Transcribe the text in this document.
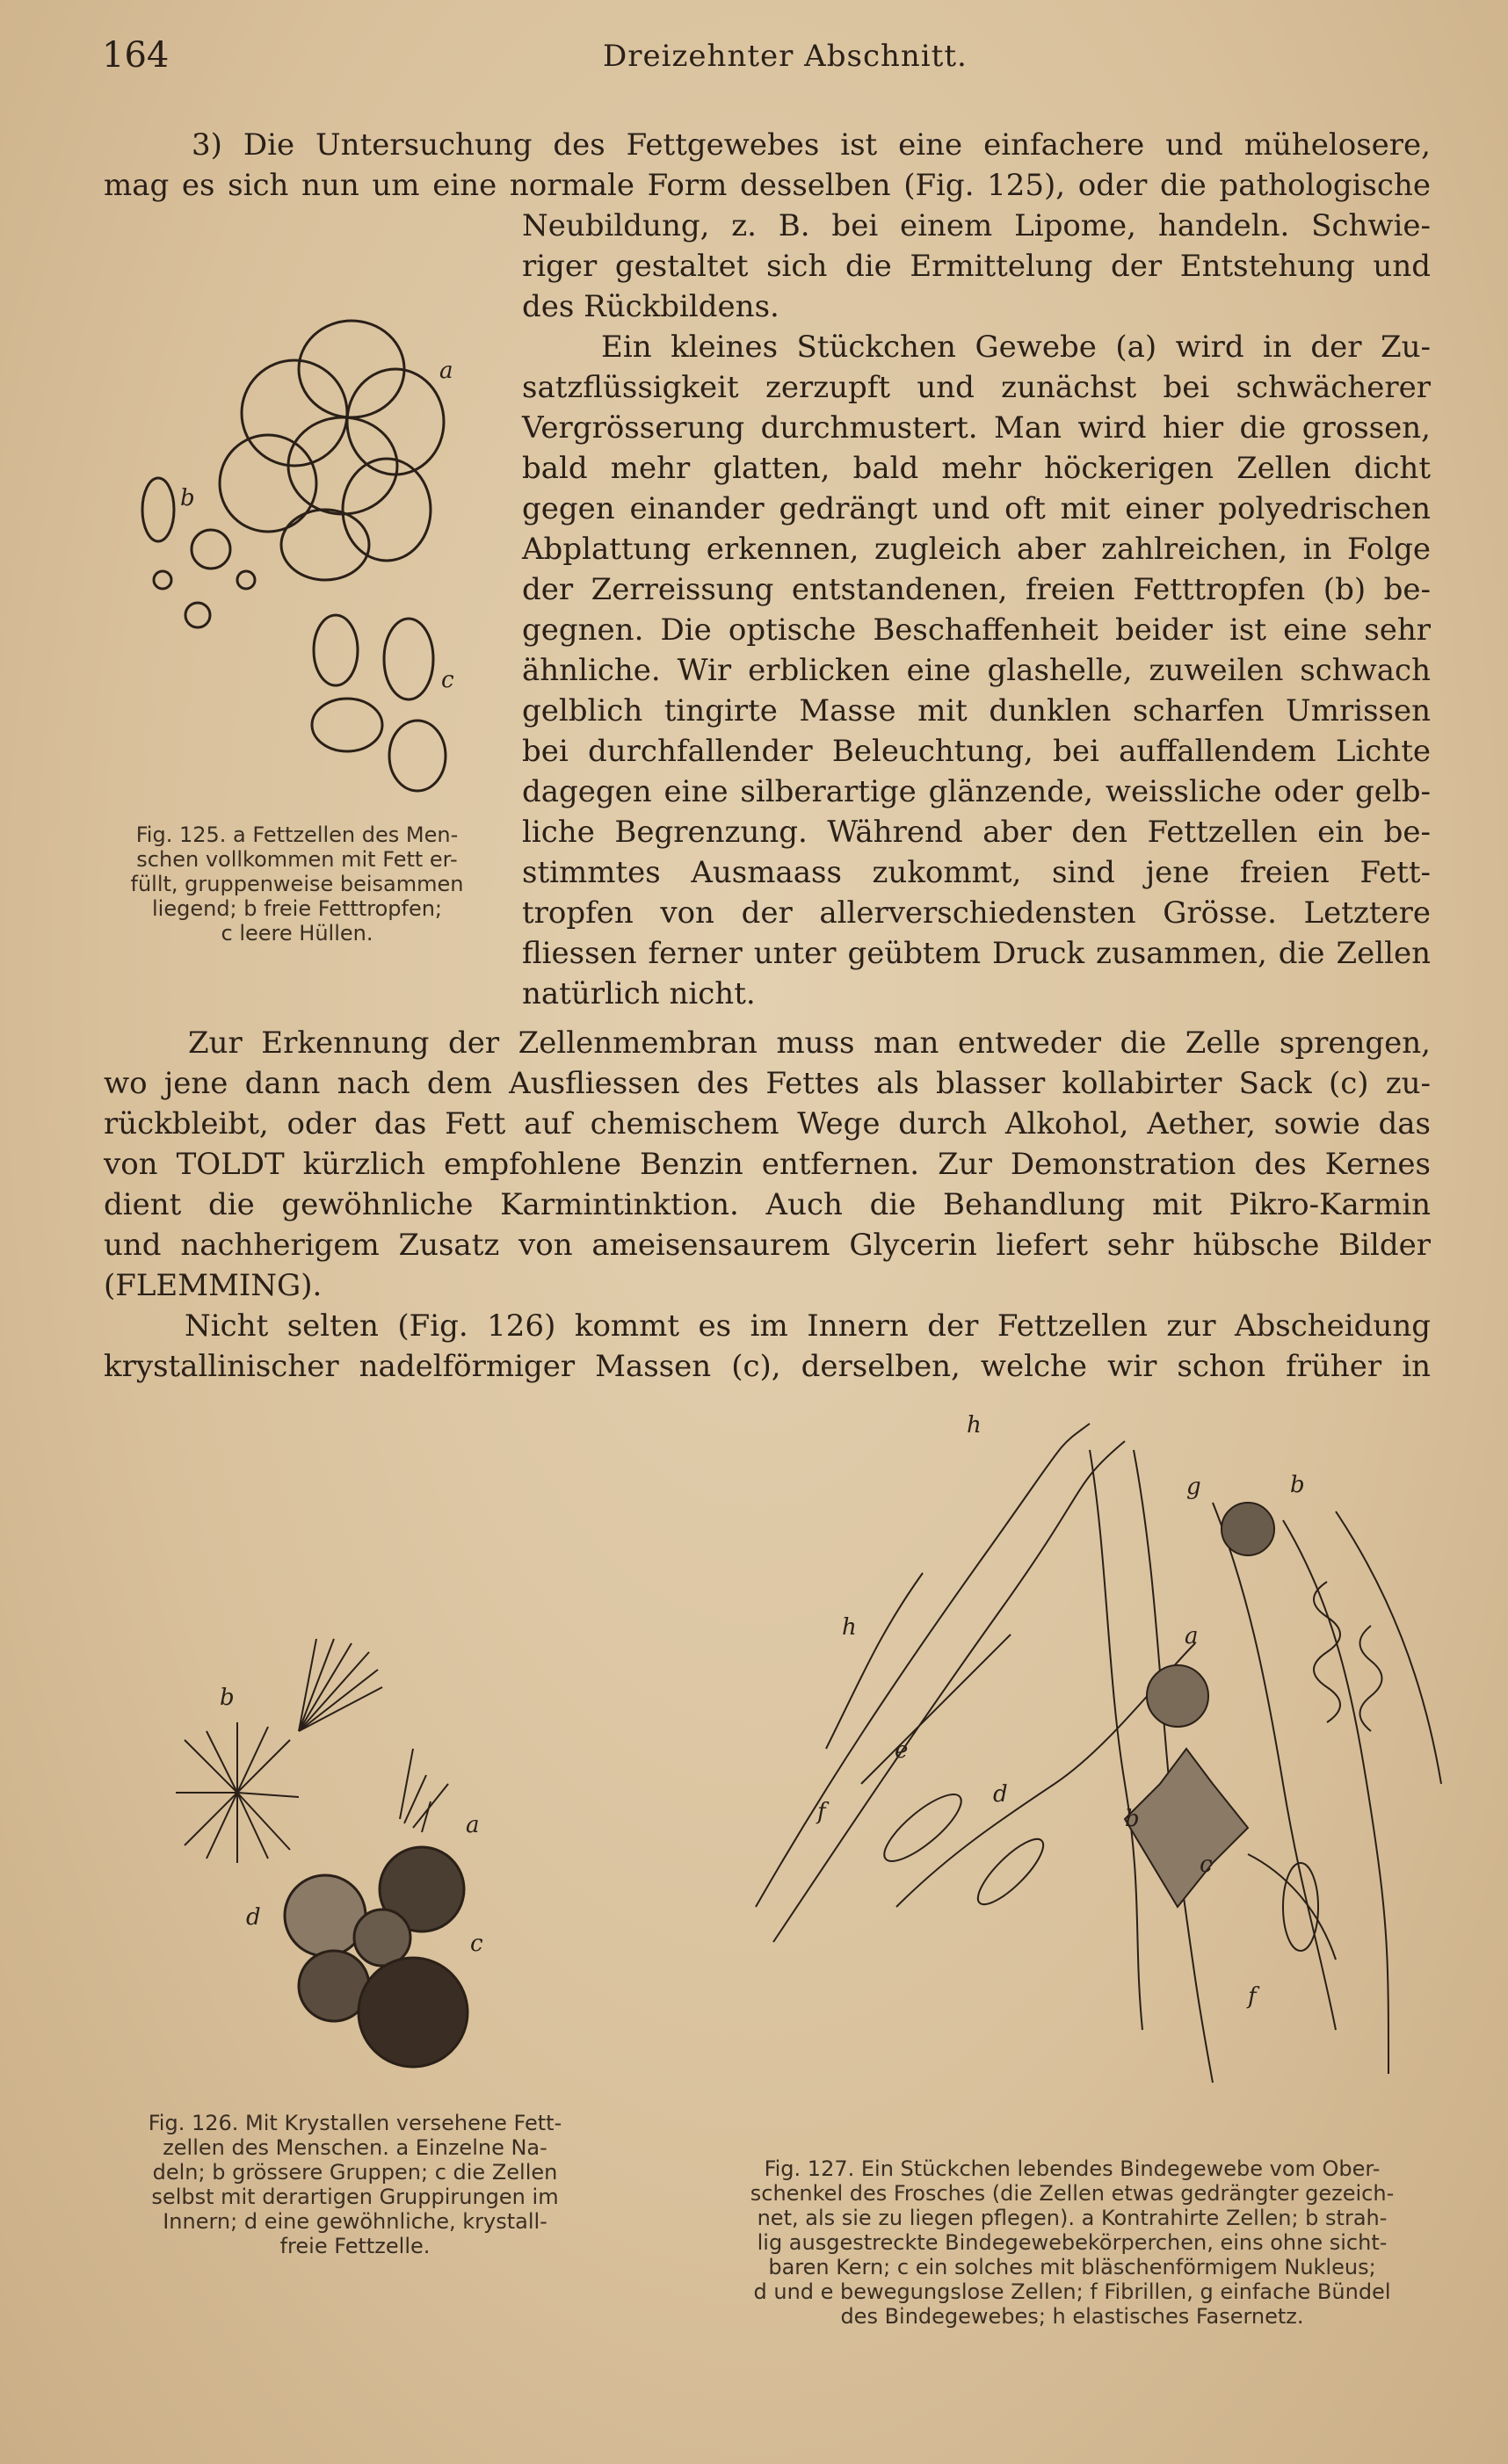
164	Dreizehnter Abschnitt.
3) Die Untersuchung des Fettgewebes ist eine einfachere und mühelosere,
mag es sich nun um eine normale Form desselben (Fig. 125), oder die pathologische
Neubildung, z. B. bei einem Lipome, handeln. Schwie-
riger gestaltet sich die Ermittelung der Entstehung und
des Rückbildens.
Ein kleines Stückchen Gewebe (a) wird in der Zu-
satzflüssigkeit zerzupft und zunächst bei schwächerer
Vergrösserung durchmustert. Man wird hier die grossen,
bald mehr glatten, bald mehr höckerigen Zellen dicht
gegen einander gedrängt und oft mit einer polyedrischen
Abplattung erkennen, zugleich aber zahlreichen, in Folge
der Zerreissung entstandenen, freien Fetttropfen (b) be-
gegnen. Die optische Beschaffenheit beider ist eine sehr
ähnliche. Wir erblicken eine glashelle, zuweilen schwach
gelblich tingirte Masse mit dunklen scharfen Umrissen
bei durchfallender Beleuchtung, bei auffallendem Lichte
dagegen eine silberartige glänzende, weissliche oder gelb-
liche Begrenzung. Während aber den Fettzellen ein be-
stimmtes Ausmaass zukommt, sind jene freien Fett-
tropfen von der allerverschiedensten Grösse. Letztere
fliessen ferner unter geübtem Druck zusammen, die Zellen
natürlich nicht.
Zur Erkennung der Zellenmembran muss man entweder die Zelle sprengen,
wo jene dann nach dem Ausfliessen des Fettes als blasser kollabirter Sack (c) zu-
rückbleibt, oder das Fett auf chemischem Wege durch Alkohol, Aether, sowie das
von TOLDT kürzlich empfohlene Benzin entfernen. Zur Demonstration des Kernes
dient die gewöhnliche Karmintinktion. Auch die Behandlung mit Pikro-Karmin
und nachherigem Zusatz von ameisensaurem Glycerin liefert sehr hübsche Bilder
(FLEMMING).
Nicht selten (Fig. 126) kommt es im Innern der Fettzellen zur Abscheidung
krystallinischer nadelförmiger Massen (c), derselben, welche wir schon früher in
a
b
c
Fig. 125. a Fettzellen des Men-
schen vollkommen mit Fett er-
füllt, gruppenweise beisammen
liegend; b freie Fetttropfen;
c leere Hüllen.
b
a
c
d
Fig. 126. Mit Krystallen versehene Fett-
zellen des Menschen. a Einzelne Na-
deln; b grössere Gruppen; c die Zellen
selbst mit derartigen Gruppirungen im
Innern; d eine gewöhnliche, krystall-
freie Fettzelle.
h
h
g	b
a
e
d
b
f
c
f
Fig. 127. Ein Stückchen lebendes Bindegewebe vom Ober-
schenkel des Frosches (die Zellen etwas gedrängter gezeich-
net, als sie zu liegen pflegen). a Kontrahirte Zellen; b strah-
lig ausgestreckte Bindegewebekörperchen, eins ohne sicht-
baren Kern; c ein solches mit bläschenförmigem Nukleus;
d und e bewegungslose Zellen; f Fibrillen, g einfache Bündel
des Bindegewebes; h elastisches Fasernetz.
